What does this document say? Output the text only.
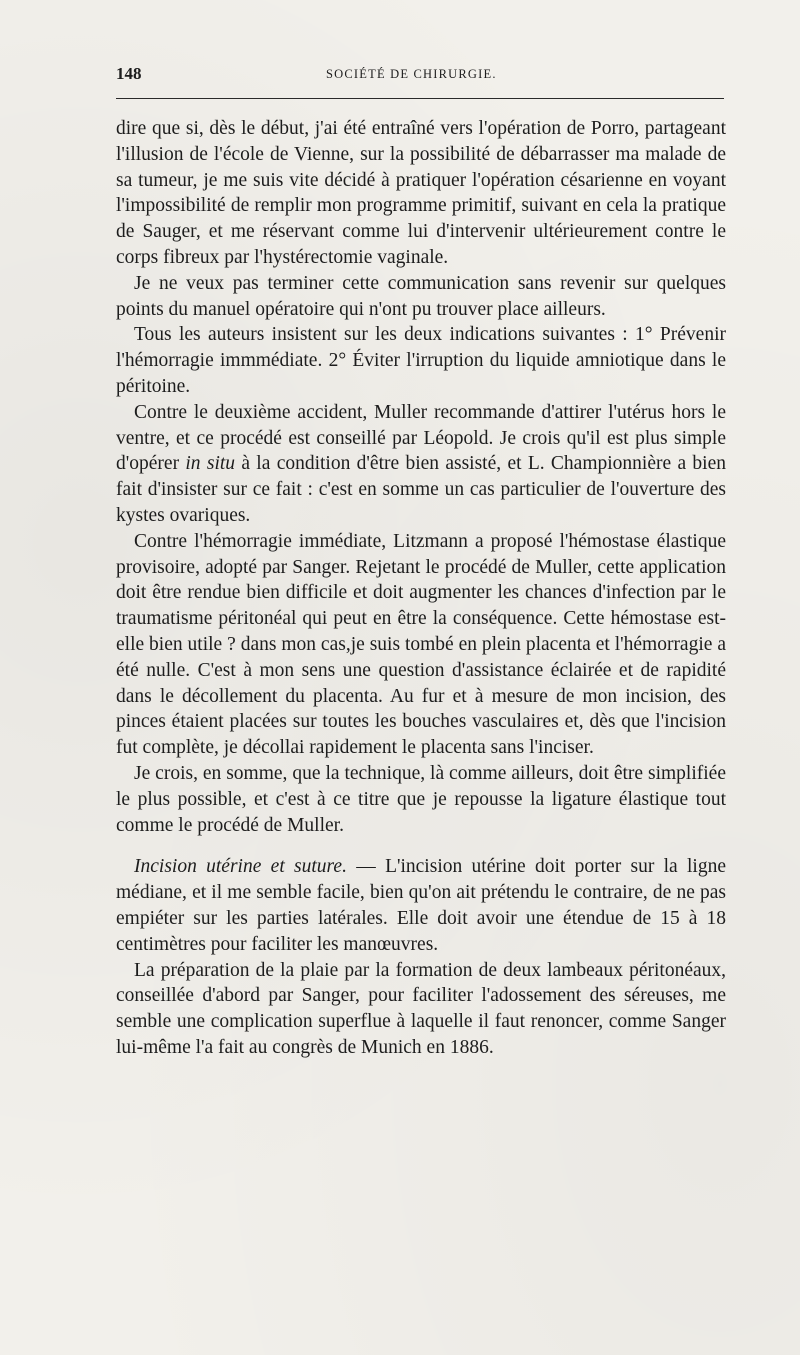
148	SOCIÉTÉ DE CHIRURGIE.

dire que si, dès le début, j'ai été entraîné vers l'opération de Porro, partageant l'illusion de l'école de Vienne, sur la possibilité de débarrasser ma malade de sa tumeur, je me suis vite décidé à pratiquer l'opération césarienne en voyant l'impossibilité de remplir mon programme primitif, suivant en cela la pratique de Sauger, et me réservant comme lui d'intervenir ultérieurement contre le corps fibreux par l'hystérectomie vaginale.

Je ne veux pas terminer cette communication sans revenir sur quelques points du manuel opératoire qui n'ont pu trouver place ailleurs.

Tous les auteurs insistent sur les deux indications suivantes : 1° Prévenir l'hémorragie immmédiate. 2° Éviter l'irruption du liquide amniotique dans le péritoine.

Contre le deuxième accident, Muller recommande d'attirer l'utérus hors le ventre, et ce procédé est conseillé par Léopold. Je crois qu'il est plus simple d'opérer in situ à la condition d'être bien assisté, et L. Championnière a bien fait d'insister sur ce fait : c'est en somme un cas particulier de l'ouverture des kystes ovariques.

Contre l'hémorragie immédiate, Litzmann a proposé l'hémostase élastique provisoire, adopté par Sanger. Rejetant le procédé de Muller, cette application doit être rendue bien difficile et doit augmenter les chances d'infection par le traumatisme péritonéal qui peut en être la conséquence. Cette hémostase est-elle bien utile ? dans mon cas,je suis tombé en plein placenta et l'hémorragie a été nulle. C'est à mon sens une question d'assistance éclairée et de rapidité dans le décollement du placenta. Au fur et à mesure de mon incision, des pinces étaient placées sur toutes les bouches vasculaires et, dès que l'incision fut complète, je décollai rapidement le placenta sans l'inciser.

Je crois, en somme, que la technique, là comme ailleurs, doit être simplifiée le plus possible, et c'est à ce titre que je repousse la ligature élastique tout comme le procédé de Muller.

Incision utérine et suture. — L'incision utérine doit porter sur la ligne médiane, et il me semble facile, bien qu'on ait prétendu le contraire, de ne pas empiéter sur les parties latérales. Elle doit avoir une étendue de 15 à 18 centimètres pour faciliter les manœuvres.

La préparation de la plaie par la formation de deux lambeaux péritonéaux, conseillée d'abord par Sanger, pour faciliter l'adossement des séreuses, me semble une complication superflue à laquelle il faut renoncer, comme Sanger lui-même l'a fait au congrès de Munich en 1886.
